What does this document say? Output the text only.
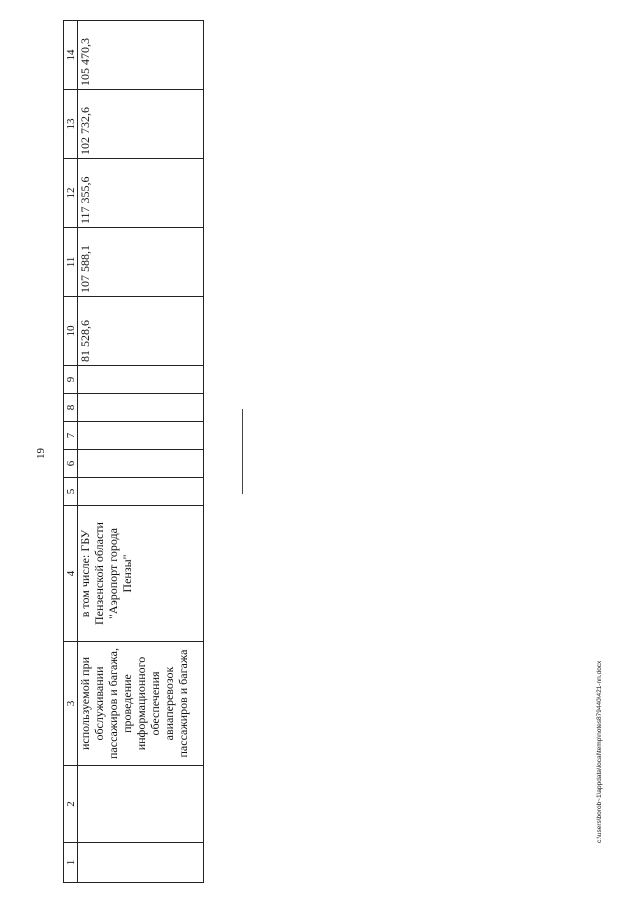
19
1	2	3	4	5	6	7	8	9	10	11	12	13	14
		используемой при обслуживании пассажиров и багажа, проведение информационного обеспечения авиаперевозок пассажиров и багажа	в том числе: ГБУ Пензенской области "Аэропорт города Пензы"						81 528,6	107 588,1	117 355,6	102 732,6	105 470,3
c:\users\borob~1\appdata\local\temp\notes879440\421-nn.docx
